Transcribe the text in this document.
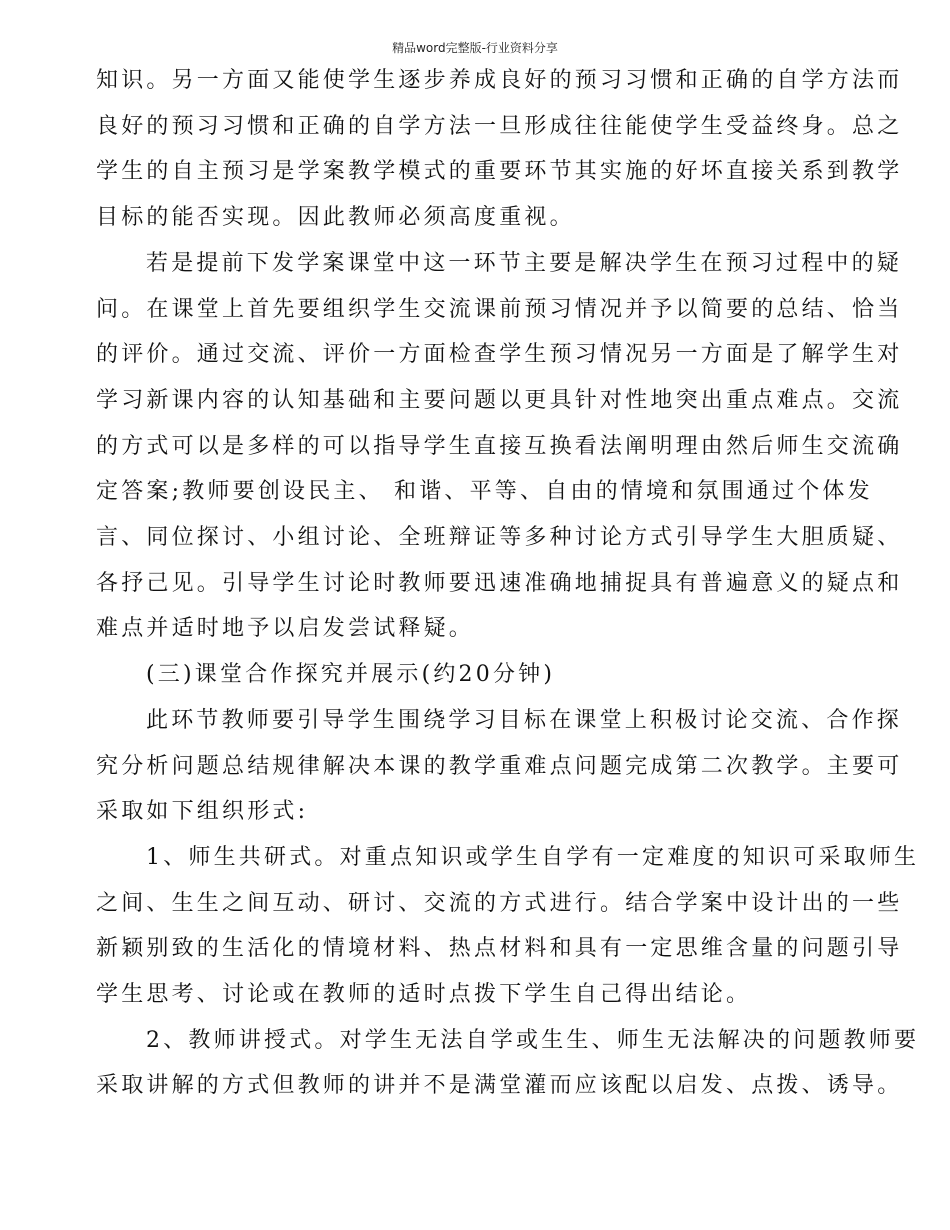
精品word完整版-行业资料分享

知识。另一方面又能使学生逐步养成良好的预习习惯和正确的自学方法而

良好的预习习惯和正确的自学方法一旦形成往往能使学生受益终身。总之

学生的自主预习是学案教学模式的重要环节其实施的好坏直接关系到教学

目标的能否实现。因此教师必须高度重视。

若是提前下发学案课堂中这一环节主要是解决学生在预习过程中的疑

问。在课堂上首先要组织学生交流课前预习情况并予以简要的总结、恰当

的评价。通过交流、评价一方面检查学生预习情况另一方面是了解学生对

学习新课内容的认知基础和主要问题以更具针对性地突出重点难点。交流

的方式可以是多样的可以指导学生直接互换看法阐明理由然后师生交流确

定答案;教师要创设民主、 和谐、平等、自由的情境和氛围通过个体发

言、同位探讨、小组讨论、全班辩证等多种讨论方式引导学生大胆质疑、

各抒己见。引导学生讨论时教师要迅速准确地捕捉具有普遍意义的疑点和

难点并适时地予以启发尝试释疑。

(三)课堂合作探究并展示(约20分钟)

此环节教师要引导学生围绕学习目标在课堂上积极讨论交流、合作探

究分析问题总结规律解决本课的教学重难点问题完成第二次教学。主要可

采取如下组织形式:

1、师生共研式。对重点知识或学生自学有一定难度的知识可采取师生

之间、生生之间互动、研讨、交流的方式进行。结合学案中设计出的一些

新颖别致的生活化的情境材料、热点材料和具有一定思维含量的问题引导

学生思考、讨论或在教师的适时点拨下学生自己得出结论。

2、教师讲授式。对学生无法自学或生生、师生无法解决的问题教师要

采取讲解的方式但教师的讲并不是满堂灌而应该配以启发、点拨、诱导。
